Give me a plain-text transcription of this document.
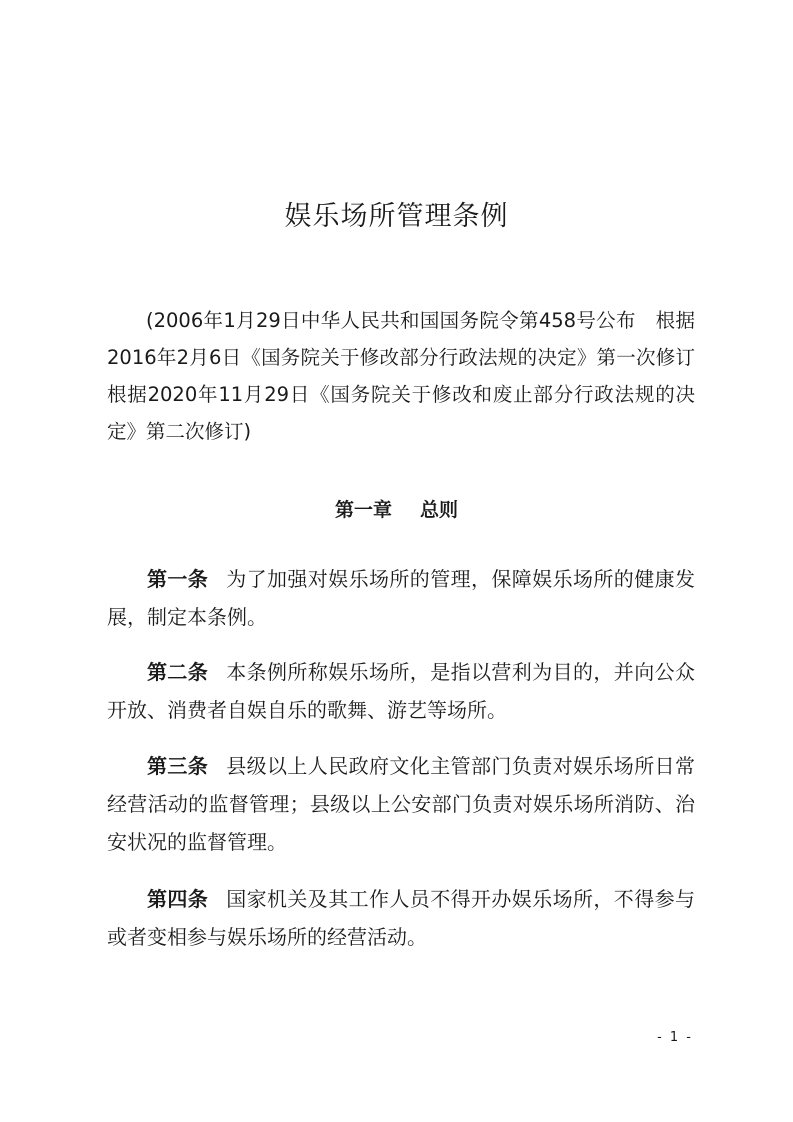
娱乐场所管理条例
(2006年1月29日中华人民共和国国务院令第458号公布　根据2016年2月6日《国务院关于修改部分行政法规的决定》第一次修订　根据2020年11月29日《国务院关于修改和废止部分行政法规的决定》第二次修订)
第一章 总则
第一条 为了加强对娱乐场所的管理，保障娱乐场所的健康发展，制定本条例。
第二条 本条例所称娱乐场所，是指以营利为目的，并向公众开放、消费者自娱自乐的歌舞、游艺等场所。
第三条 县级以上人民政府文化主管部门负责对娱乐场所日常经营活动的监督管理；县级以上公安部门负责对娱乐场所消防、治安状况的监督管理。
第四条 国家机关及其工作人员不得开办娱乐场所，不得参与或者变相参与娱乐场所的经营活动。
- 1 -
